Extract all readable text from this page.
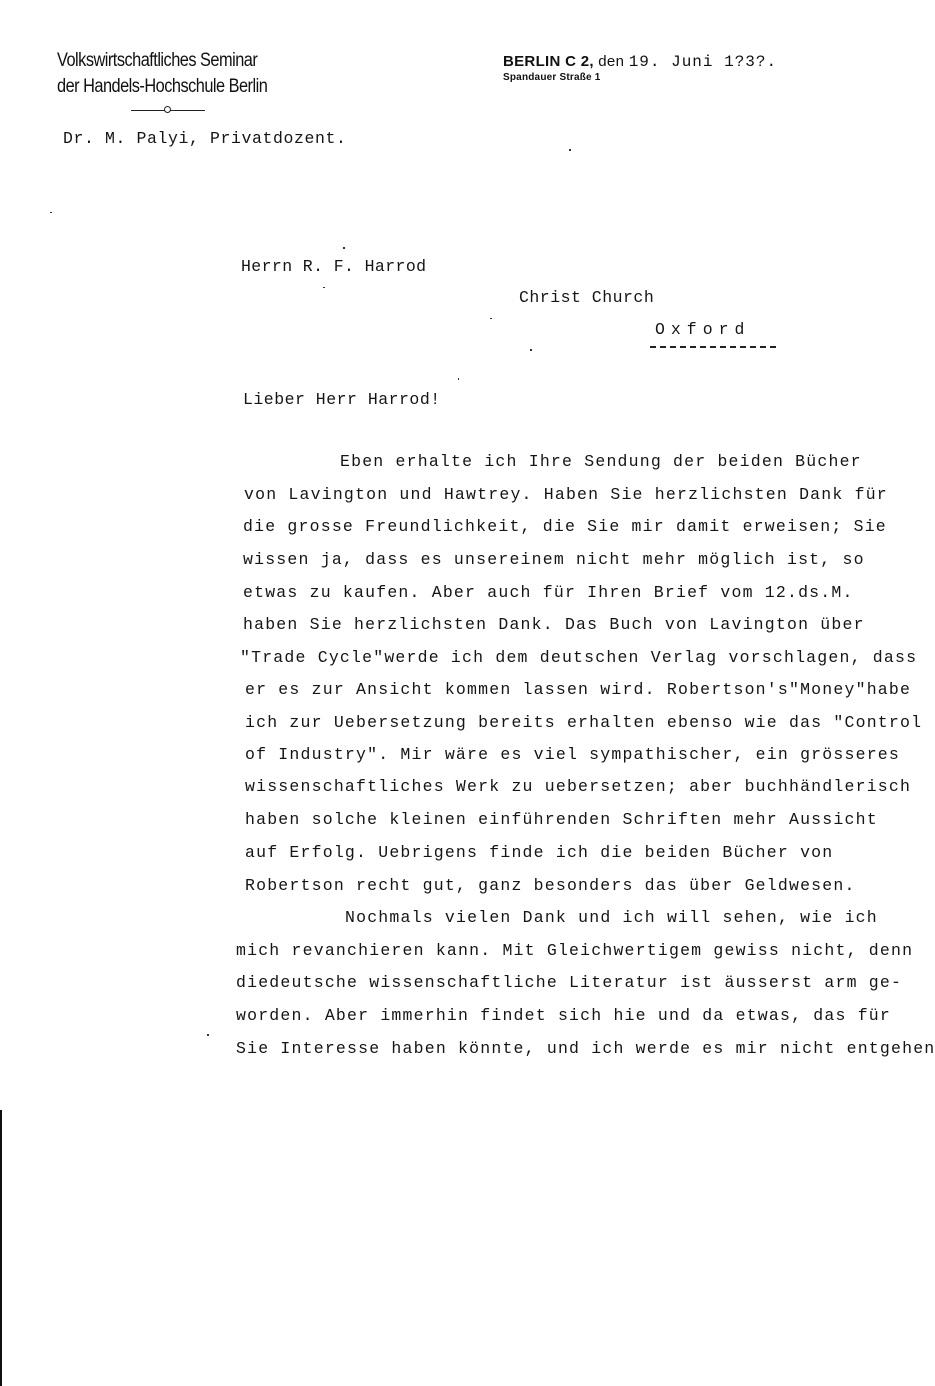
Volkswirtschaftliches Seminar
der Handels-Hochschule Berlin
BERLIN C 2, den 19. Juni 1?3?.
Spandauer Straße 1
Dr. M. Palyi, Privatdozent.
Herrn R. F. Harrod
Christ Church
Oxford
Lieber Herr Harrod!
Eben erhalte ich Ihre Sendung der beiden Bücher
von Lavington und Hawtrey. Haben Sie herzlichsten Dank für
die grosse Freundlichkeit, die Sie mir damit erweisen; Sie
wissen ja, dass es unsereinem nicht mehr möglich ist, so
etwas zu kaufen. Aber auch für Ihren Brief vom 12.ds.M.
haben Sie herzlichsten Dank. Das Buch von Lavington über
"Trade Cycle"werde ich dem deutschen Verlag vorschlagen, dass
er es zur Ansicht kommen lassen wird. Robertson's"Money"habe
ich zur Uebersetzung bereits erhalten ebenso wie das "Control
of Industry". Mir wäre es viel sympathischer, ein grösseres
wissenschaftliches Werk zu uebersetzen; aber buchhändlerisch
haben solche kleinen einführenden Schriften mehr Aussicht
auf Erfolg. Uebrigens finde ich die beiden Bücher von
Robertson recht gut, ganz besonders das über Geldwesen.
Nochmals vielen Dank und ich will sehen, wie ich
mich revanchieren kann. Mit Gleichwertigem gewiss nicht, denn
diedeutsche wissenschaftliche Literatur ist äusserst arm ge-
worden. Aber immerhin findet sich hie und da etwas, das für
Sie Interesse haben könnte, und ich werde es mir nicht entgehen
